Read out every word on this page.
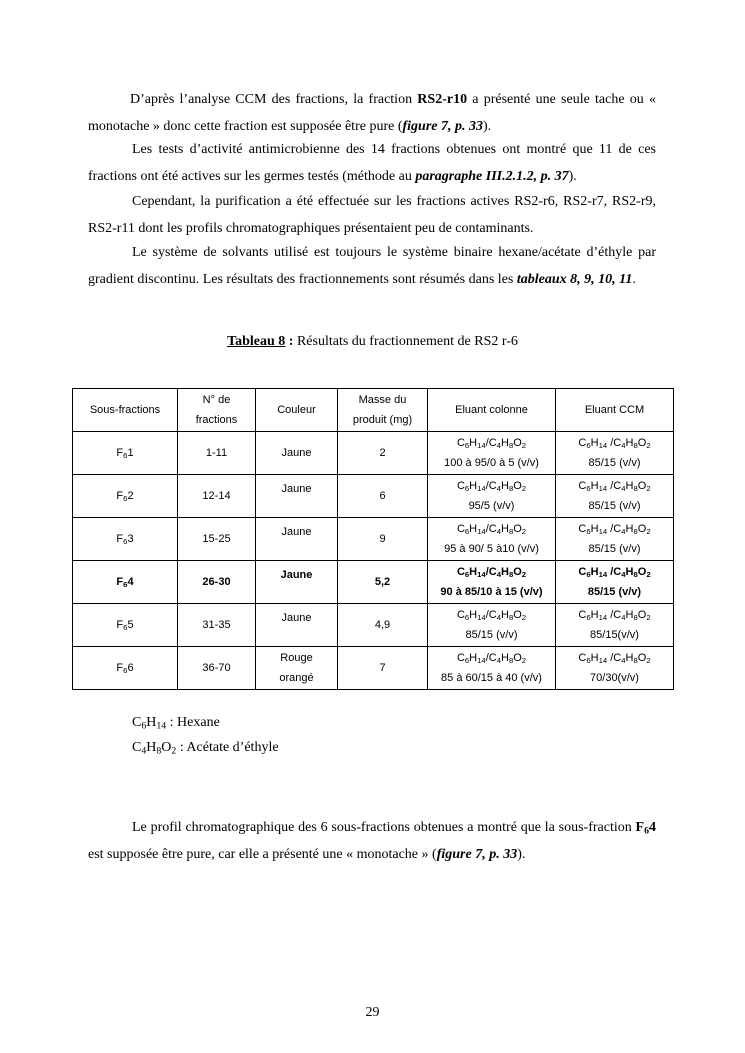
D’après l’analyse CCM des fractions, la fraction RS2-r10 a présenté une seule tache ou « monotache » donc cette fraction est supposée être pure (figure 7, p. 33).

Les tests d’activité antimicrobienne des 14 fractions obtenues ont montré que 11 de ces fractions ont été actives sur les germes testés (méthode au paragraphe III.2.1.2, p. 37).

Cependant, la purification a été effectuée sur les fractions actives RS2-r6, RS2-r7, RS2-r9, RS2-r11 dont les profils chromatographiques présentaient peu de contaminants.

Le système de solvants utilisé est toujours le système binaire hexane/acétate d’éthyle par gradient discontinu. Les résultats des fractionnements sont résumés dans les tableaux 8, 9, 10, 11.

Tableau 8 : Résultats du fractionnement de RS2 r-6
Sous-fractions	N° de
fractions	Couleur	Masse du
produit (mg)	Eluant colonne	Eluant CCM
$F_61$	1-11	Jaune	2	$C_6H_{14}/C_4H_8O_2$
100 à 95/0 à 5 (v/v)	$C_6H_{14}$ $/C_4H_8O_2$
85/15 (v/v)

$F_62$	12-14	Jaune	6	$C_6H_{14}/C_4H_8O_2$
95/5 (v/v)	$C_6H_{14}$ $/C_4H_8O_2$
85/15 (v/v)

$F_63$	15-25	Jaune	9	$C_6H_{14}/C_4H_8O_2$
95 à 90/ 5 à10 (v/v)	$C_6H_{14}$ $/C_4H_8O_2$
85/15 (v/v)

$F_64$	26-30	Jaune	5,2	$C_6H_{14}/C_4H_8O_2$
90 à 85/10 à 15 (v/v)	$C_6H_{14}$ $/C_4H_8O_2$
85/15 (v/v)

$F_65$	31-35	Jaune	4,9	$C_6H_{14}/C_4H_8O_2$
85/15 (v/v)	$C_6H_{14}$ $/C_4H_8O_2$
85/15(v/v)

$F_66$	36-70	Rouge
orangé	7	$C_6H_{14}/C_4H_8O_2$
85 à 60/15 à 40 (v/v)	$C_6H_{14}$ $/C_4H_8O_2$
70/30(v/v)
$C_6H_{14}$ : Hexane
$C_4H_8O_2$ : Acétate d’éthyle

Le profil chromatographique des 6 sous-fractions obtenues a montré que la sous-fraction $F_64$ est supposée être pure, car elle a présenté une « monotache » (figure 7, p. 33).

29
